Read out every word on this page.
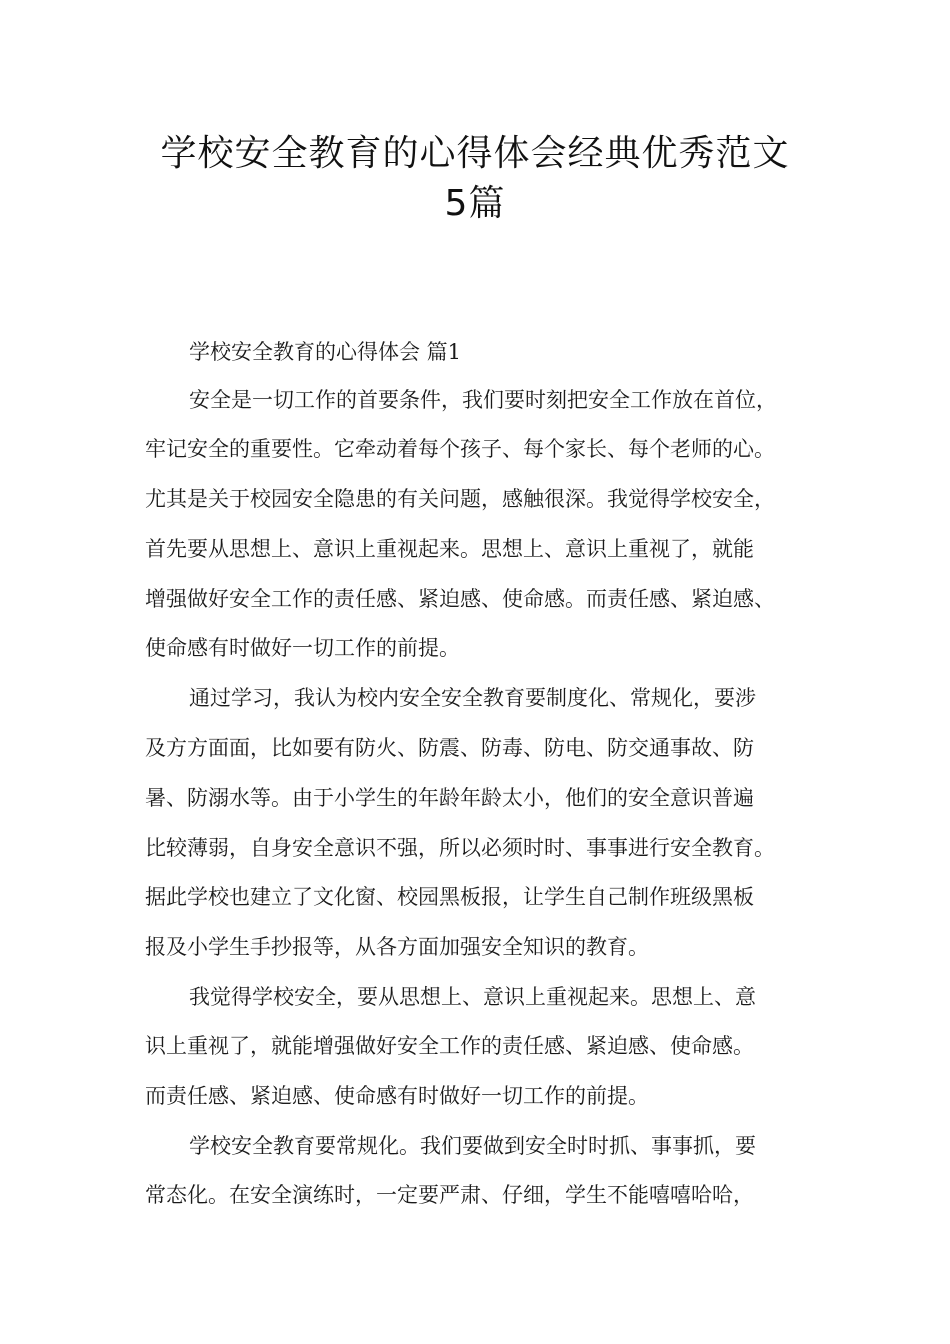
学校安全教育的心得体会经典优秀范文
5篇
学校安全教育的心得体会 篇1
安全是一切工作的首要条件，我们要时刻把安全工作放在首位，
牢记安全的重要性。它牵动着每个孩子、每个家长、每个老师的心。
尤其是关于校园安全隐患的有关问题，感触很深。我觉得学校安全，
首先要从思想上、意识上重视起来。思想上、意识上重视了，就能
增强做好安全工作的责任感、紧迫感、使命感。而责任感、紧迫感、
使命感有时做好一切工作的前提。
通过学习，我认为校内安全安全教育要制度化、常规化，要涉
及方方面面，比如要有防火、防震、防毒、防电、防交通事故、防
暑、防溺水等。由于小学生的年龄年龄太小，他们的安全意识普遍
比较薄弱，自身安全意识不强，所以必须时时、事事进行安全教育。
据此学校也建立了文化窗、校园黑板报，让学生自己制作班级黑板
报及小学生手抄报等，从各方面加强安全知识的教育。
我觉得学校安全，要从思想上、意识上重视起来。思想上、意
识上重视了，就能增强做好安全工作的责任感、紧迫感、使命感。
而责任感、紧迫感、使命感有时做好一切工作的前提。
学校安全教育要常规化。我们要做到安全时时抓、事事抓，要
常态化。在安全演练时，一定要严肃、仔细，学生不能嘻嘻哈哈，
